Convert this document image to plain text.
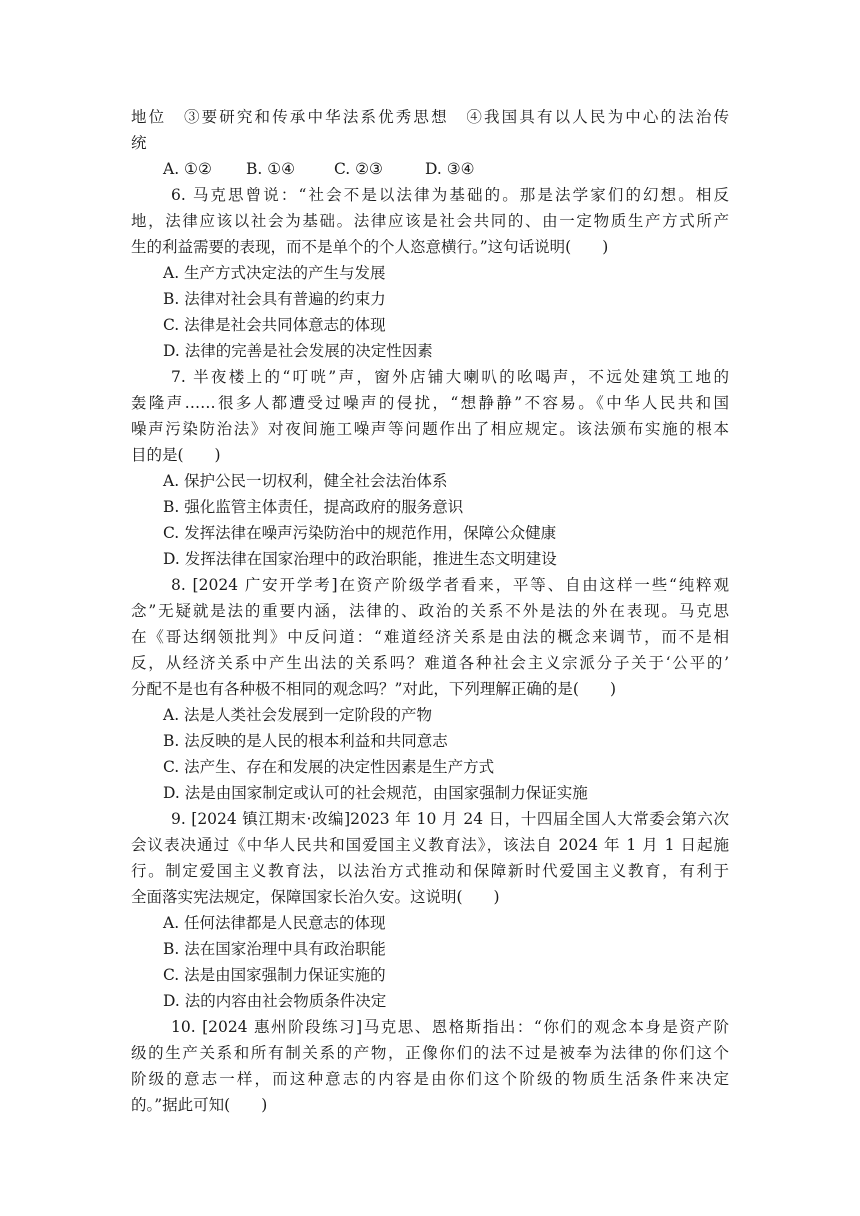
地位　③要研究和传承中华法系优秀思想　④我国具有以人民为中心的法治传
统
A. ①② B. ①④	C. ②③	D. ③④
6. 马克思曾说：“社会不是以法律为基础的。那是法学家们的幻想。相反
地，法律应该以社会为基础。法律应该是社会共同的、由一定物质生产方式所产
生的利益需要的表现，而不是单个的个人恣意横行。”这句话说明(　　)
A. 生产方式决定法的产生与发展
B. 法律对社会具有普遍的约束力
C. 法律是社会共同体意志的体现
D. 法律的完善是社会发展的决定性因素
7. 半夜楼上的“叮咣”声，窗外店铺大喇叭的吆喝声，不远处建筑工地的
轰隆声……很多人都遭受过噪声的侵扰，“想静静”不容易。《中华人民共和国
噪声污染防治法》对夜间施工噪声等问题作出了相应规定。该法颁布实施的根本
目的是(　　)
A. 保护公民一切权利，健全社会法治体系
B. 强化监管主体责任，提高政府的服务意识
C. 发挥法律在噪声污染防治中的规范作用，保障公众健康
D. 发挥法律在国家治理中的政治职能，推进生态文明建设
8. [2024 广安开学考]在资产阶级学者看来，平等、自由这样一些“纯粹观
念”无疑就是法的重要内涵，法律的、政治的关系不外是法的外在表现。马克思
在《哥达纲领批判》中反问道：“难道经济关系是由法的概念来调节，而不是相
反，从经济关系中产生出法的关系吗？难道各种社会主义宗派分子关于‘公平的’
分配不是也有各种极不相同的观念吗？”对此，下列理解正确的是(　　)
A. 法是人类社会发展到一定阶段的产物
B. 法反映的是人民的根本利益和共同意志
C. 法产生、存在和发展的决定性因素是生产方式
D. 法是由国家制定或认可的社会规范，由国家强制力保证实施
9. [2024 镇江期末·改编]2023 年 10 月 24 日，十四届全国人大常委会第六次
会议表决通过《中华人民共和国爱国主义教育法》，该法自 2024 年 1 月 1 日起施
行。制定爱国主义教育法，以法治方式推动和保障新时代爱国主义教育，有利于
全面落实宪法规定，保障国家长治久安。这说明(　　)
A. 任何法律都是人民意志的体现
B. 法在国家治理中具有政治职能
C. 法是由国家强制力保证实施的
D. 法的内容由社会物质条件决定
10. [2024 惠州阶段练习]马克思、恩格斯指出：“你们的观念本身是资产阶
级的生产关系和所有制关系的产物，正像你们的法不过是被奉为法律的你们这个
阶级的意志一样，而这种意志的内容是由你们这个阶级的物质生活条件来决定
的。”据此可知(　　)
